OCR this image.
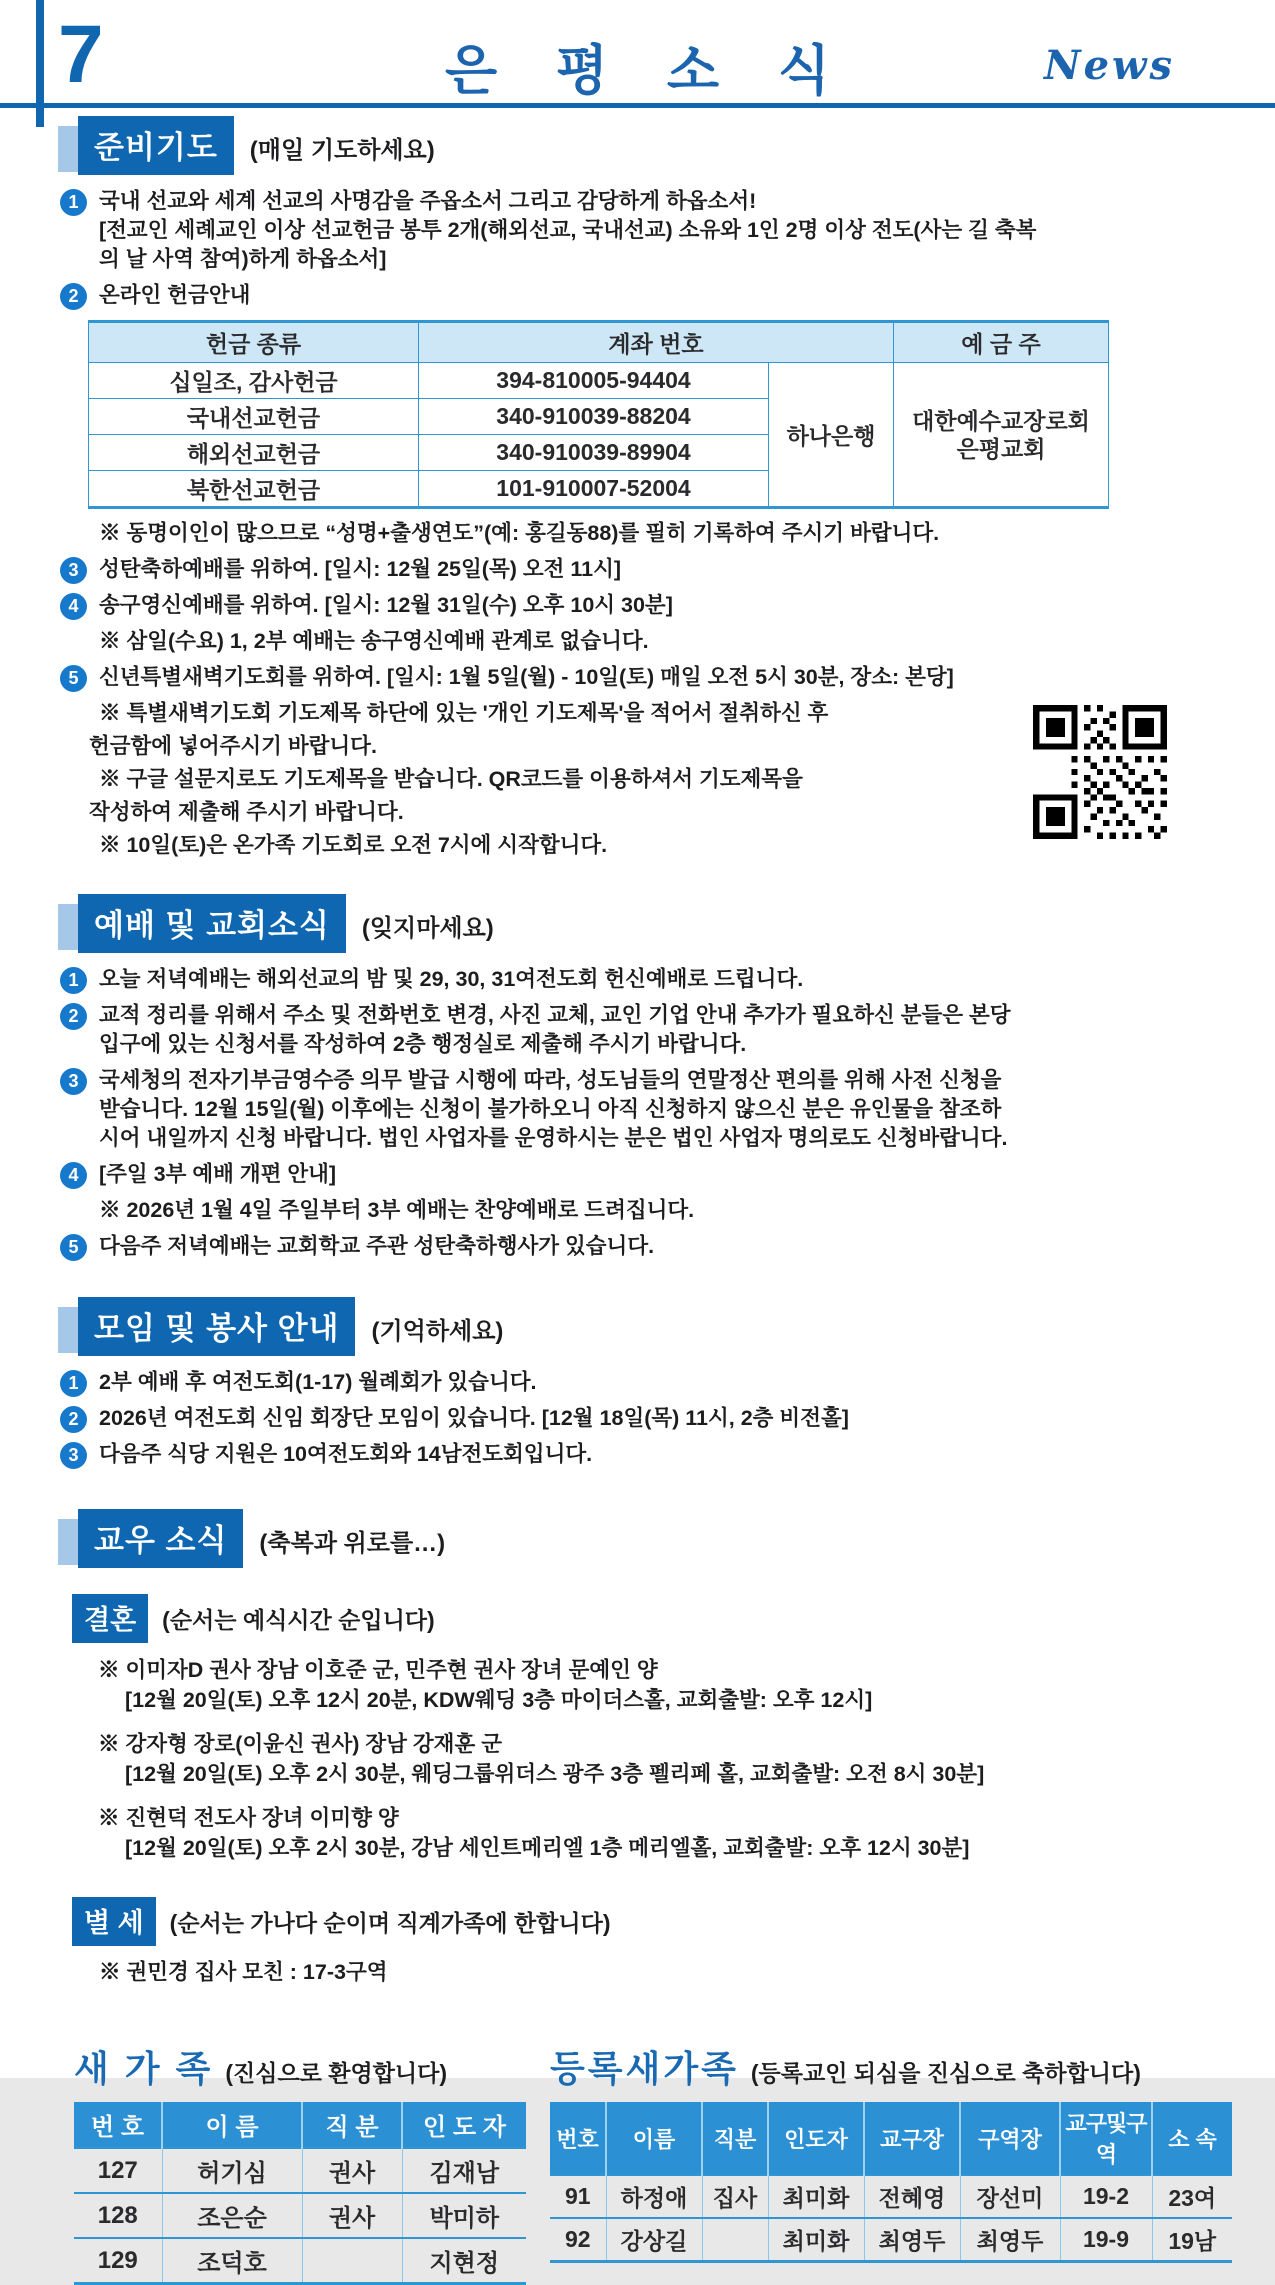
7	은 평 소 식	News
준비기도	(매일 기도하세요)
1 국내 선교와 세계 선교의 사명감을 주옵소서 그리고 감당하게 하옵소서!
[전교인 세례교인 이상 선교헌금 봉투 2개(해외선교, 국내선교) 소유와 1인 2명 이상 전도(사는 길 축복
의 날 사역 참여)하게 하옵소서]
2 온라인 헌금안내
헌금 종류	계좌 번호		예 금 주
십일조, 감사헌금	394-810005-94404	하나은행	대한예수교장로회
은평교회

국내선교헌금	340-910039-88204		
해외선교헌금	340-910039-89904		
북한선교헌금	101-910007-52004		
※ 동명이인이 많으므로 “성명+출생연도”(예: 홍길동88)를 필히 기록하여 주시기 바랍니다.
3 성탄축하예배를 위하여. [일시: 12월 25일(목) 오전 11시]
4 송구영신예배를 위하여. [일시: 12월 31일(수) 오후 10시 30분]
※ 삼일(수요) 1, 2부 예배는 송구영신예배 관계로 없습니다.
5 신년특별새벽기도회를 위하여. [일시: 1월 5일(월) - 10일(토) 매일 오전 5시 30분, 장소: 본당]
※ 특별새벽기도회 기도제목 하단에 있는 '개인 기도제목'을 적어서 절취하신 후
헌금함에 넣어주시기 바랍니다.
※ 구글 설문지로도 기도제목을 받습니다. QR코드를 이용하셔서 기도제목을
작성하여 제출해 주시기 바랍니다.
※ 10일(토)은 온가족 기도회로 오전 7시에 시작합니다.
예배 및 교회소식	(잊지마세요)
1 오늘 저녁예배는 해외선교의 밤 및 29, 30, 31여전도회 헌신예배로 드립니다.
2 교적 정리를 위해서 주소 및 전화번호 변경, 사진 교체, 교인 기업 안내 추가가 필요하신 분들은 본당
입구에 있는 신청서를 작성하여 2층 행정실로 제출해 주시기 바랍니다.
3 국세청의 전자기부금영수증 의무 발급 시행에 따라, 성도님들의 연말정산 편의를 위해 사전 신청을
받습니다. 12월 15일(월) 이후에는 신청이 불가하오니 아직 신청하지 않으신 분은 유인물을 참조하
시어 내일까지 신청 바랍니다. 법인 사업자를 운영하시는 분은 법인 사업자 명의로도 신청바랍니다.
4 [주일 3부 예배 개편 안내]
※ 2026년 1월 4일 주일부터 3부 예배는 찬양예배로 드려집니다.
5 다음주 저녁예배는 교회학교 주관 성탄축하행사가 있습니다.
모임 및 봉사 안내	(기억하세요)
1 2부 예배 후 여전도회(1-17) 월례회가 있습니다.
2 2026년 여전도회 신임 회장단 모임이 있습니다. [12월 18일(목) 11시, 2층 비전홀]
3 다음주 식당 지원은 10여전도회와 14남전도회입니다.
교우 소식	(축복과 위로를…)
결혼	(순서는 예식시간 순입니다)
※ 이미자D 권사 장남 이호준 군, 민주현 권사 장녀 문예인 양
[12월 20일(토) 오후 12시 20분, KDW웨딩 3층 마이더스홀, 교회출발: 오후 12시]
※ 강자형 장로(이윤신 권사) 장남 강재훈 군
[12월 20일(토) 오후 2시 30분, 웨딩그룹위더스 광주 3층 펠리페 홀, 교회출발: 오전 8시 30분]
※ 진현덕 전도사 장녀 이미향 양
[12월 20일(토) 오후 2시 30분, 강남 세인트메리엘 1층 메리엘홀, 교회출발: 오후 12시 30분]
별 세	(순서는 가나다 순이며 직계가족에 한합니다)
※ 권민경 집사 모친 : 17-3구역
새 가 족 (진심으로 환영합니다)
번 호	이 름	직 분	인 도 자
127	허기심	권사	김재남
128	조은순	권사	박미하
129	조덕호		지현정
등록새가족 (등록교인 되심을 진심으로 축하합니다)
번호	이름	직분	인도자	교구장	구역장	교구및구역	소 속
91	하정애	집사	최미화	전혜영	장선미	19-2	23여
92	강상길		최미화	최영두	최영두	19-9	19남
